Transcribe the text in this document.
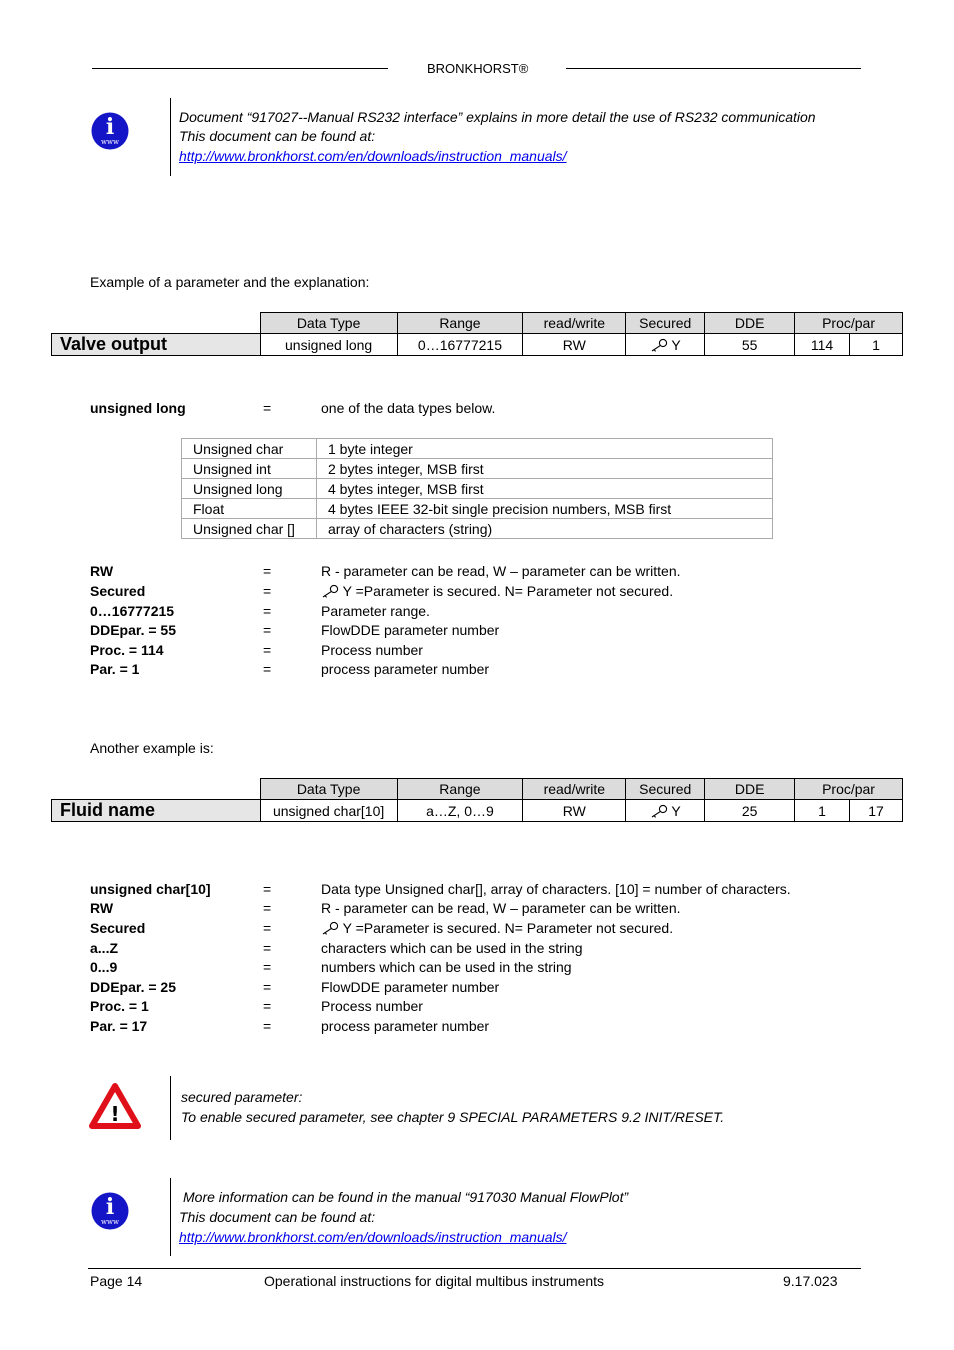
BRONKHORST®
i
www
Document “917027--Manual RS232 interface” explains in more detail the use of RS232 communication
This document can be found at:
http://www.bronkhorst.com/en/downloads/instruction_manuals/
Example of a parameter and the explanation:
	Data Type	Range	read/write	Secured	DDE	Proc/par	
Valve output	unsigned long	0…16777215	RW	Y	55	114	1
unsigned long	=	one of the data types below.
Unsigned char	1 byte integer
Unsigned int	2 bytes integer, MSB first
Unsigned long	4 bytes integer, MSB first
Float	4 bytes IEEE 32-bit single precision numbers, MSB first
Unsigned char []	array of characters (string)
RW	=	R - parameter can be read, W – parameter can be written.
Secured	=	Y =Parameter is secured. N= Parameter not secured.
0…16777215	=	Parameter range.
DDEpar. = 55	=	FlowDDE parameter number
Proc. = 114	=	Process number
Par. = 1	=	process parameter number
Another example is:
	Data Type	Range	read/write	Secured	DDE	Proc/par	
Fluid name	unsigned char[10]	a…Z, 0…9	RW	Y	25	1	17
unsigned char[10]	=	Data type Unsigned char[], array of characters. [10] = number of characters.
RW	=	R - parameter can be read, W – parameter can be written.
Secured	=	Y =Parameter is secured. N= Parameter not secured.
a...Z	=	characters which can be used in the string
0...9	=	numbers which can be used in the string
DDEpar. = 25	=	FlowDDE parameter number
Proc. = 1	=	Process number
Par. = 17	=	process parameter number
!
secured parameter:
To enable secured parameter, see chapter 9 SPECIAL PARAMETERS 9.2 INIT/RESET.
i
www
More information can be found in the manual “917030 Manual FlowPlot”
This document can be found at:
http://www.bronkhorst.com/en/downloads/instruction_manuals/
Page 14	Operational instructions for digital multibus instruments	9.17.023
